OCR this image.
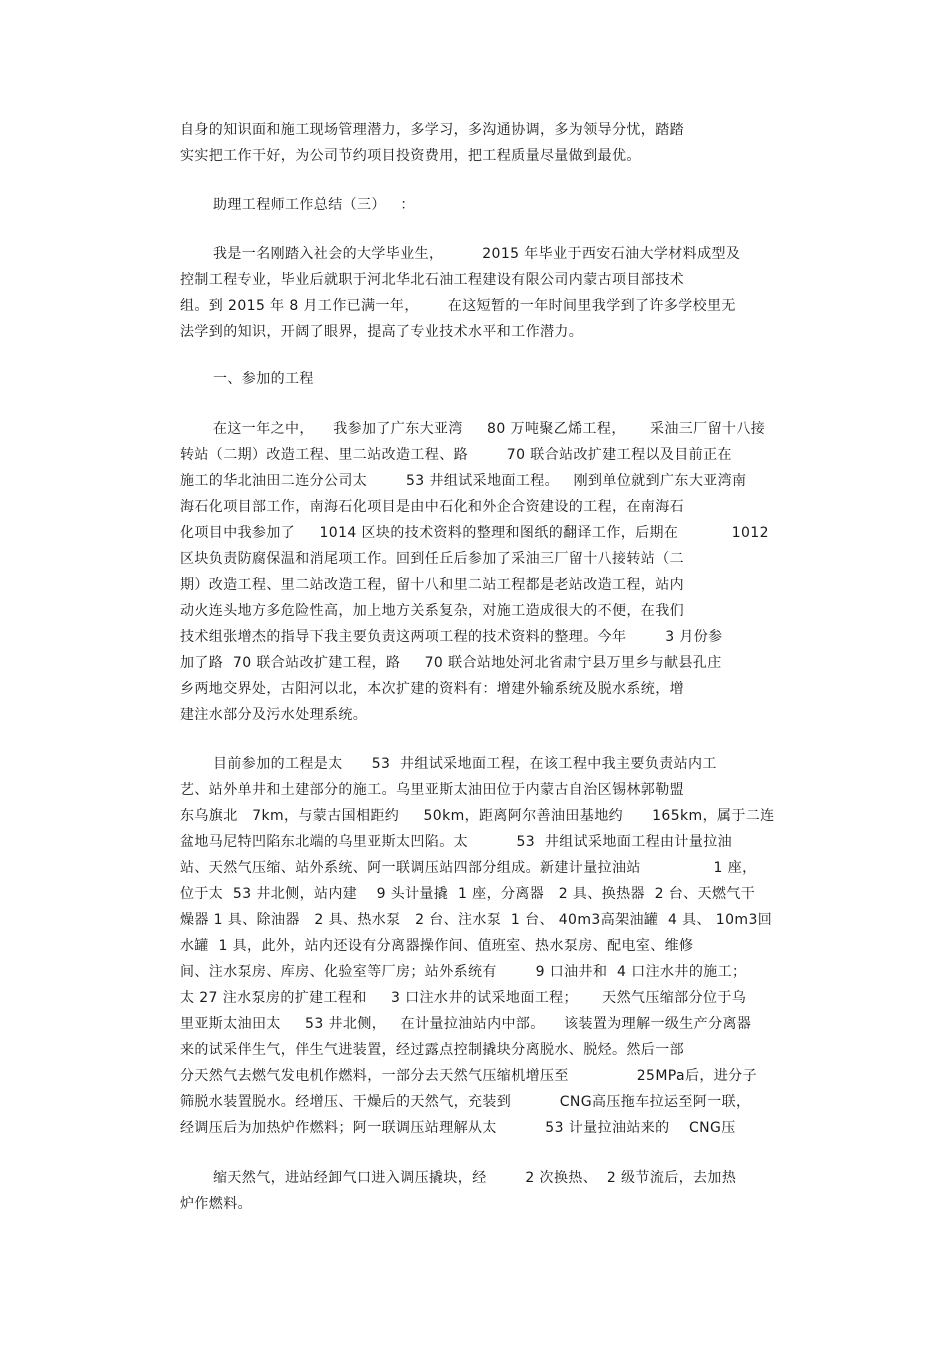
自身的知识面和施工现场管理潜力，多学习，多沟通协调，多为领导分忧，踏踏
实实把工作干好，为公司节约项目投资费用，把工程质量尽量做到最优。
助理工程师工作总结（三）   ：
我是一名刚踏入社会的大学毕业生，        2015 年毕业于西安石油大学材料成型及
控制工程专业，毕业后就职于河北华北石油工程建设有限公司内蒙古项目部技术
组。到 2015 年 8 月工作已满一年，      在这短暂的一年时间里我学到了许多学校里无
法学到的知识，开阔了眼界，提高了专业技术水平和工作潜力。
一、参加的工程
在这一年之中，    我参加了广东大亚湾     80 万吨聚乙烯工程，     采油三厂留十八接
转站（二期）改造工程、里二站改造工程、路        70 联合站改扩建工程以及目前正在
施工的华北油田二连分公司太        53 井组试采地面工程。   刚到单位就到广东大亚湾南
海石化项目部工作，南海石化项目是由中石化和外企合资建设的工程，在南海石
化项目中我参加了     1014 区块的技术资料的整理和图纸的翻译工作，后期在           1012
区块负责防腐保温和消尾项工作。回到任丘后参加了采油三厂留十八接转站（二
期）改造工程、里二站改造工程，留十八和里二站工程都是老站改造工程，站内
动火连头地方多危险性高，加上地方关系复杂，对施工造成很大的不便，在我们
技术组张增杰的指导下我主要负责这两项工程的技术资料的整理。今年        3 月份参
加了路  70 联合站改扩建工程，路     70 联合站地处河北省肃宁县万里乡与献县孔庄
乡两地交界处，古阳河以北，本次扩建的资料有：增建外输系统及脱水系统，增
建注水部分及污水处理系统。
目前参加的工程是太      53  井组试采地面工程，在该工程中我主要负责站内工
艺、站外单井和土建部分的施工。乌里亚斯太油田位于内蒙古自治区锡林郭勒盟
东乌旗北   7km，与蒙古国相距约     50km，距离阿尔善油田基地约      165km，属于二连
盆地马尼特凹陷东北端的乌里亚斯太凹陷。太          53  井组试采地面工程由计量拉油
站、天然气压缩、站外系统、阿一联调压站四部分组成。新建计量拉油站               1 座，
位于太  53 井北侧，站内建    9 头计量撬  1 座，分离器   2 具、换热器  2 台、天燃气干
燥器 1 具、除油器   2 具、热水泵   2 台、注水泵  1 台、 40m3高架油罐  4 具、 10m3回
水罐  1 具，此外，站内还设有分离器操作间、值班室、热水泵房、配电室、维修
间、注水泵房、库房、化验室等厂房；站外系统有        9 口油井和  4 口注水井的施工；
太 27 注水泵房的扩建工程和     3 口注水井的试采地面工程；     天然气压缩部分位于乌
里亚斯太油田太     53 井北侧，   在计量拉油站内中部。    该装置为理解一级生产分离器
来的试采伴生气，伴生气进装置，经过露点控制撬块分离脱水、脱烃。然后一部
分天然气去燃气发电机作燃料，一部分去天然气压缩机增压至              25MPa后，进分子
筛脱水装置脱水。经增压、干燥后的天然气，充装到          CNG高压拖车拉运至阿一联，
经调压后为加热炉作燃料；阿一联调压站理解从太          53 计量拉油站来的    CNG压
缩天然气，进站经卸气口进入调压撬块，经        2 次换热、  2 级节流后，去加热
炉作燃料。
